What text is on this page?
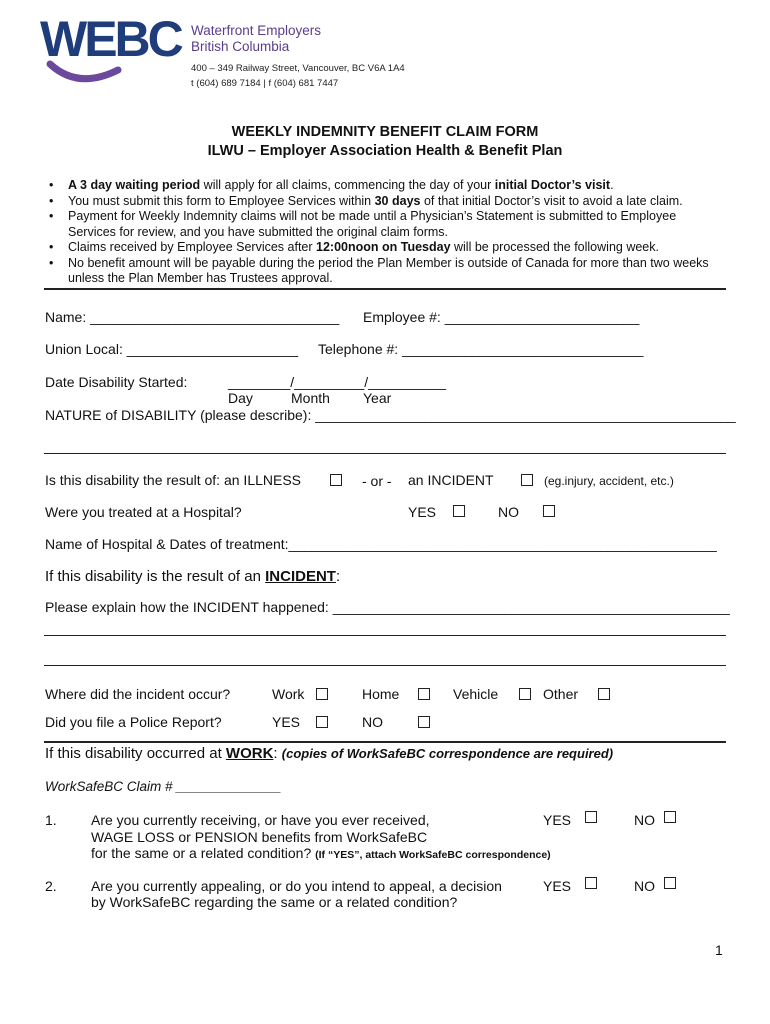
WEBC Waterfront Employers
British Columbia
400 – 349 Railway Street, Vancouver, BC V6A 1A4
t (604) 689 7184 | f (604) 681 7447
WEEKLY INDEMNITY BENEFIT CLAIM FORM
ILWU – Employer Association Health & Benefit Plan
• A 3 day waiting period will apply for all claims, commencing the day of your initial Doctor’s visit.
• You must submit this form to Employee Services within 30 days of that initial Doctor’s visit to avoid a late claim.
• Payment for Weekly Indemnity claims will not be made until a Physician’s Statement is submitted to Employee
Services for review, and you have submitted the original claim forms.
• Claims received by Employee Services after 12:00noon on Tuesday will be processed the following week.
• No benefit amount will be payable during the period the Plan Member is outside of Canada for more than two weeks
unless the Plan Member has Trustees approval.
Name: ________________________________ Employee #: _________________________
Union Local: ______________________ Telephone #: _______________________________
Date Disability Started:	________/_________/__________
Day	Month Year
NATURE of DISABILITY (please describe): ______________________________________________________
Is this disability the result of: an ILLNESS	- or - an INCIDENT	(eg.injury, accident, etc.)
Were you treated at a Hospital?	YES	NO
Name of Hospital & Dates of treatment:_______________________________________________________
If this disability is the result of an INCIDENT:
Please explain how the INCIDENT happened: ___________________________________________________
Where did the incident occur?	Work	Home	Vehicle	Other
Did you file a Police Report?	YES	NO
If this disability occurred at WORK: (copies of WorkSafeBC correspondence are required)
WorkSafeBC Claim # ______________
1. Are you currently receiving, or have you ever received,
WAGE LOSS or PENSION benefits from WorkSafeBC
for the same or a related condition? (If “YES”, attach WorkSafeBC correspondence)
YES	NO
2. Are you currently appealing, or do you intend to appeal, a decision
by WorkSafeBC regarding the same or a related condition?
YES	NO
1
